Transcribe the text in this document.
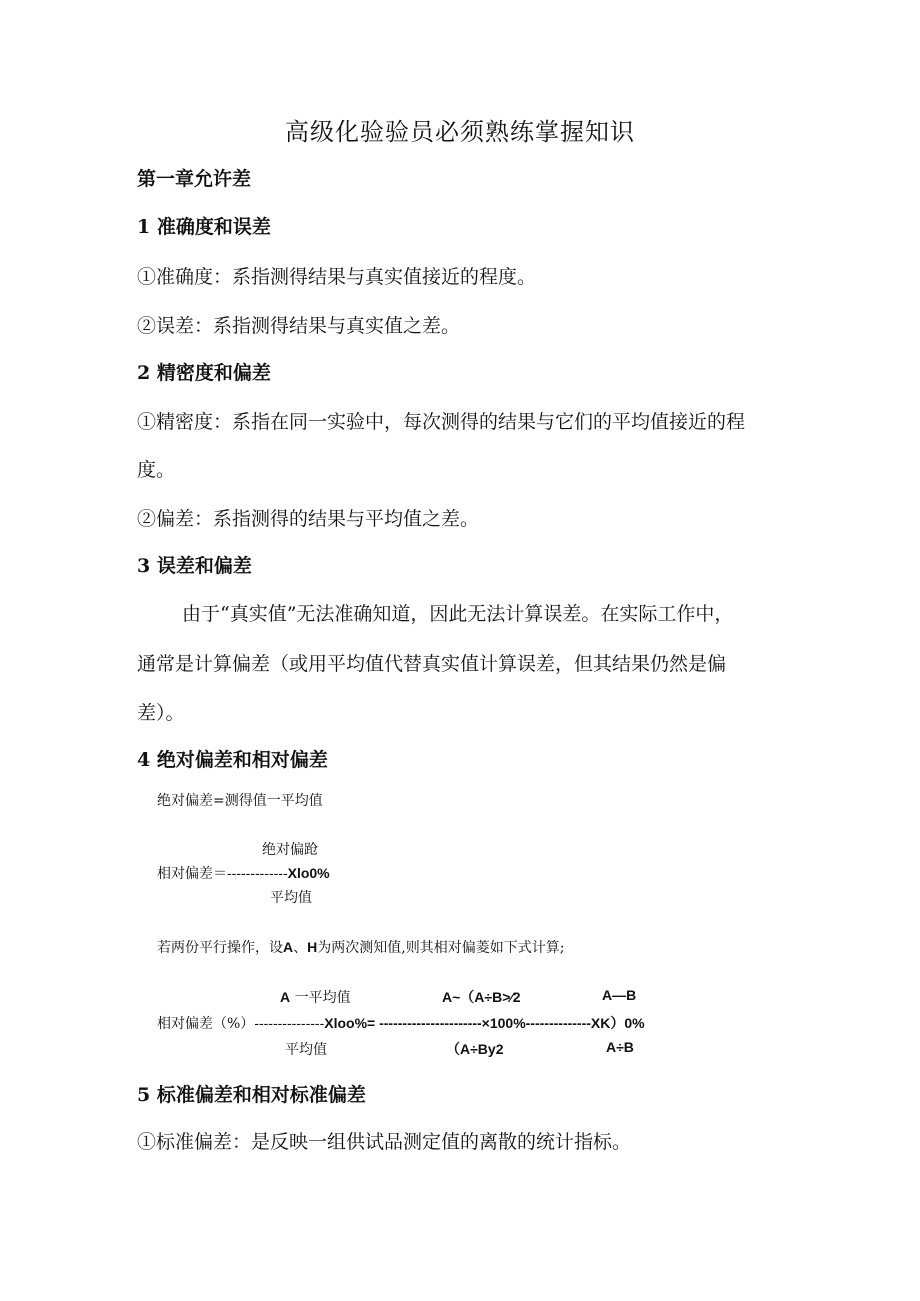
高级化验验员必须熟练掌握知识
第一章允许差
1 准确度和误差
①准确度：系指测得结果与真实值接近的程度。
②误差：系指测得结果与真实值之差。
2 精密度和偏差
①精密度：系指在同一实验中，每次测得的结果与它们的平均值接近的程
度。
②偏差：系指测得的结果与平均值之差。
3 误差和偏差
由于“真实值”无法准确知道，因此无法计算误差。在实际工作中，
通常是计算偏差（或用平均值代替真实值计算误差，但其结果仍然是偏
差）。
4 绝对偏差和相对偏差
绝对偏差=测得值一平均值
绝对偏跄
相对偏差＝-------------Xlo0%
平均值
若两份平行操作，设A、H为两次测知值,则其相对偏菱如下式计算;
A 一平均值	A~（A÷B>⁄2	A—B
相对偏差（%）---------------Xloo%= ----------------------×100%--------------XK）0%
平均值	（A÷By2	A÷B
5 标准偏差和相对标准偏差
①标准偏差：是反映一组供试品测定值的离散的统计指标。
